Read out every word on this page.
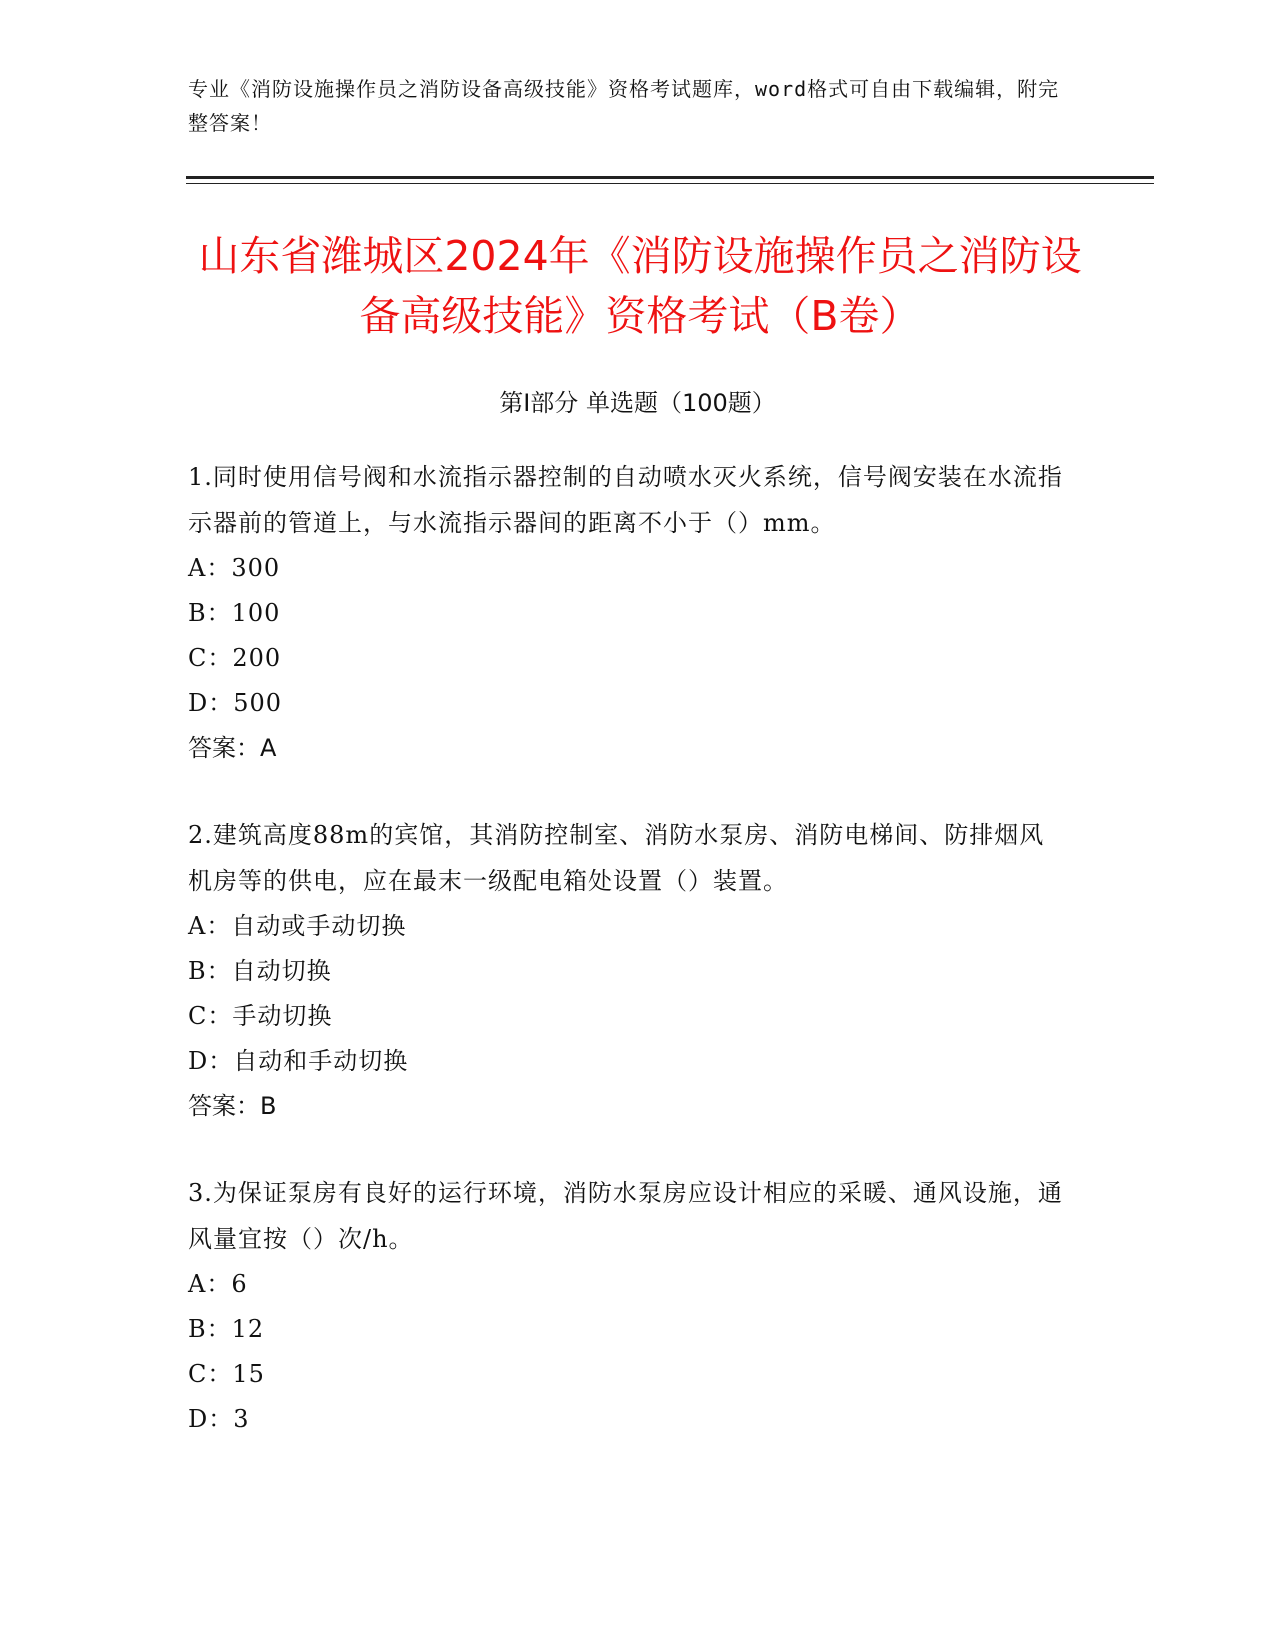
专业《消防设施操作员之消防设备高级技能》资格考试题库，word格式可自由下载编辑，附完整答案！
山东省潍城区2024年《消防设施操作员之消防设备高级技能》资格考试（B卷）
第Ⅰ部分 单选题（100题）

1.同时使用信号阀和水流指示器控制的自动喷水灭火系统，信号阀安装在水流指示器前的管道上，与水流指示器间的距离不小于（）mm。

A：300

B：100

C：200

D：500

答案：A

2.建筑高度88m的宾馆，其消防控制室、消防水泵房、消防电梯间、防排烟风机房等的供电，应在最末一级配电箱处设置（）装置。

A：自动或手动切换

B：自动切换

C：手动切换

D：自动和手动切换

答案：B

3.为保证泵房有良好的运行环境，消防水泵房应设计相应的采暖、通风设施，通风量宜按（）次/h。

A：6

B：12

C：15

D：3
